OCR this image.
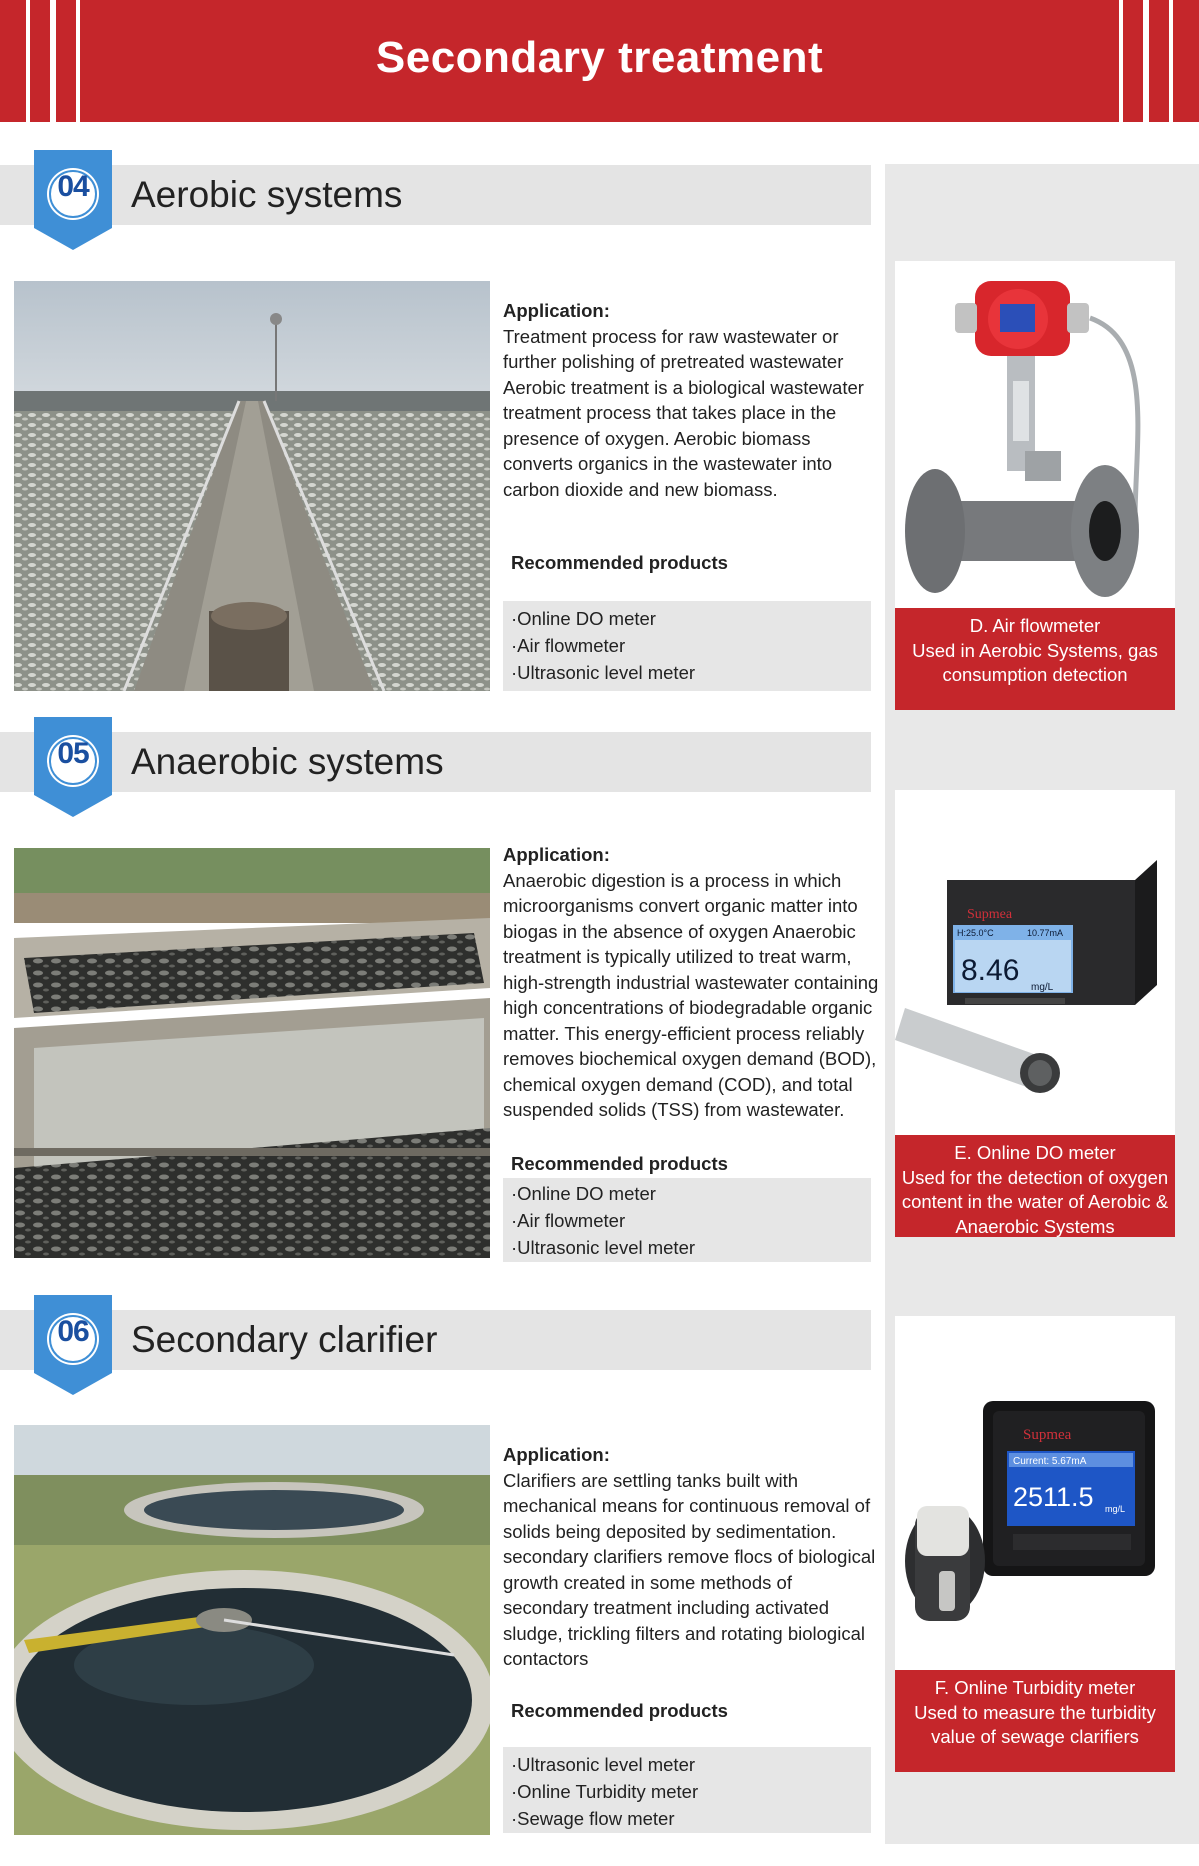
Secondary treatment
Aerobic systems
04
Application:
Treatment process for raw wastewater or further polishing of pretreated wastewater Aerobic treatment is a biological wastewater treatment process that takes place in the presence of oxygen. Aerobic biomass converts organics in the wastewater into carbon dioxide and new biomass.
Recommended products
·Online DO meter
·Air flowmeter
·Ultrasonic level meter
D. Air flowmeter
Used in Aerobic Systems, gas consumption detection
Anaerobic systems
05
Application:
Anaerobic digestion is a process in which microorganisms convert organic matter into biogas in the absence of oxygen Anaerobic treatment is typically utilized to treat warm, high-strength industrial wastewater containing high concentrations of biodegradable organic matter. This energy-efficient process reliably removes biochemical oxygen demand (BOD), chemical oxygen demand (COD), and total suspended solids (TSS) from wastewater.
Recommended products
·Online DO meter
·Air flowmeter
·Ultrasonic level meter
8.46
mg/L
H:25.0°C	10.77mA
Supmea
E. Online DO meter
Used for the detection of oxygen content in the water of Aerobic & Anaerobic Systems
Secondary clarifier
06
Application:
Clarifiers are settling tanks built with mechanical means for continuous removal of solids being deposited by sedimentation. secondary clarifiers remove flocs of biological growth created in some methods of secondary treatment including activated sludge, trickling filters and rotating biological contactors
Recommended products
·Ultrasonic level meter
·Online Turbidity meter
·Sewage flow meter
Supmea
Current: 5.67mA
2511.5 mg/L
F. Online Turbidity meter
Used to measure the turbidity value of sewage clarifiers
